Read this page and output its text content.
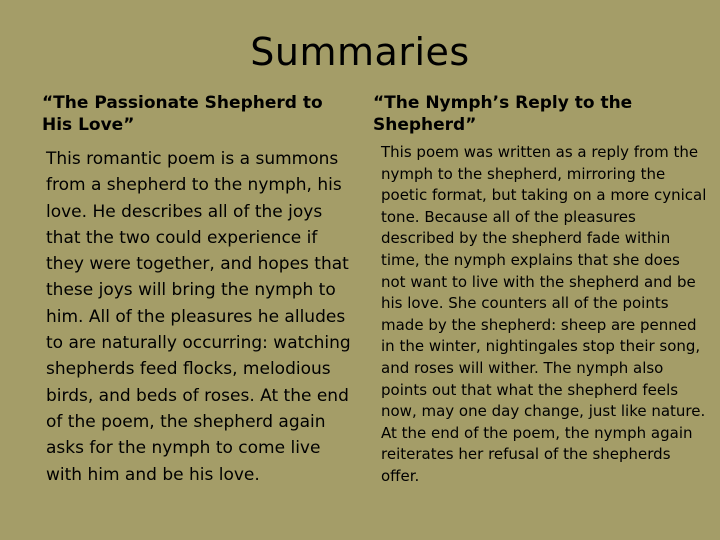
Summaries

“The Passionate Shepherd to His Love”

This romantic poem is a summons from a shepherd to the nymph, his love. He describes all of the joys that the two could experience if they were together, and hopes that these joys will bring the nymph to him. All of the pleasures he alludes to are naturally occurring: watching shepherds feed flocks, melodious birds, and beds of roses. At the end of the poem, the shepherd again asks for the nymph to come live with him and be his love.

“The Nymph’s Reply to the Shepherd”

This poem was written as a reply from the nymph to the shepherd, mirroring the poetic format, but taking on a more cynical tone. Because all of the pleasures described by the shepherd fade within time, the nymph explains that she does not want to live with the shepherd and be his love. She counters all of the points made by the shepherd: sheep are penned in the winter, nightingales stop their song, and roses will wither. The nymph also points out that what the shepherd feels now, may one day change, just like nature. At the end of the poem, the nymph again reiterates her refusal of the shepherds offer.
